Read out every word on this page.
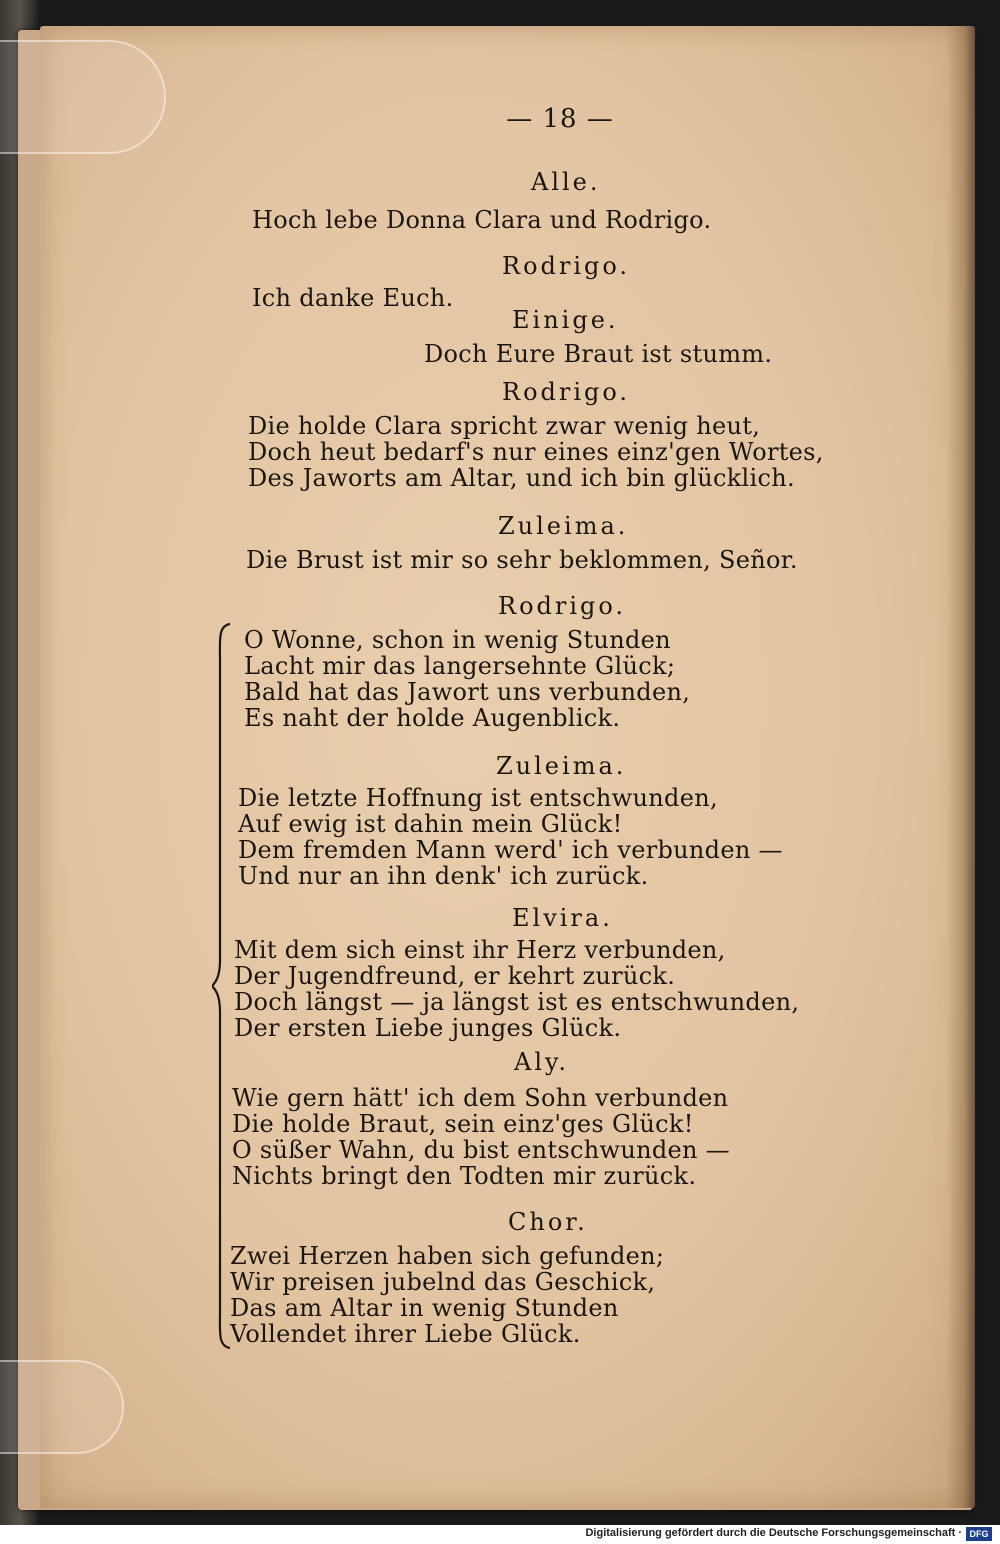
— 18 —
Alle.
Hoch lebe Donna Clara und Rodrigo.
Rodrigo.
Ich danke Euch.
Einige.
Doch Eure Braut ist stumm.
Rodrigo.
Die holde Clara spricht zwar wenig heut,
Doch heut bedarf's nur eines einz'gen Wortes,
Des Jaworts am Altar, und ich bin glücklich.
Zuleima.
Die Brust ist mir so sehr beklommen, Señor.
Rodrigo.
O Wonne, schon in wenig Stunden
Lacht mir das langersehnte Glück;
Bald hat das Jawort uns verbunden,
Es naht der holde Augenblick.
Zuleima.
Die letzte Hoffnung ist entschwunden,
Auf ewig ist dahin mein Glück!
Dem fremden Mann werd' ich verbunden —
Und nur an ihn denk' ich zurück.
Elvira.
Mit dem sich einst ihr Herz verbunden,
Der Jugendfreund, er kehrt zurück.
Doch längst — ja längst ist es entschwunden,
Der ersten Liebe junges Glück.
Aly.
Wie gern hätt' ich dem Sohn verbunden
Die holde Braut, sein einz'ges Glück!
O süßer Wahn, du bist entschwunden —
Nichts bringt den Todten mir zurück.
Chor.
Zwei Herzen haben sich gefunden;
Wir preisen jubelnd das Geschick,
Das am Altar in wenig Stunden
Vollendet ihrer Liebe Glück.
Digitalisierung gefördert durch die Deutsche Forschungsgemeinschaft · DFG
